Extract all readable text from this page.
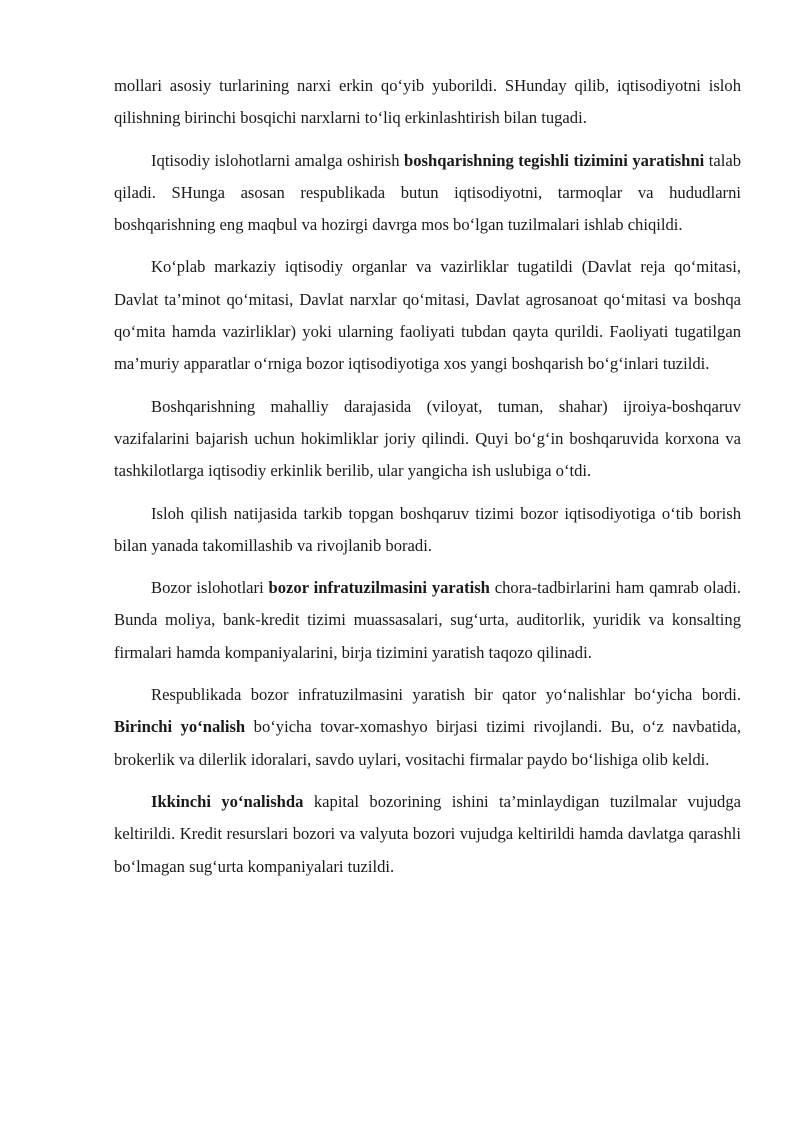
mollari asosiy turlarining narxi erkin qo‘yib yuborildi. SHunday qilib, iqtisodiyotni isloh qilishning birinchi bosqichi narxlarni to‘liq erkinlashtirish bilan tugadi.

Iqtisodiy islohotlarni amalga oshirish boshqarishning tegishli tizimini yaratishni talab qiladi. SHunga asosan respublikada butun iqtisodiyotni, tarmoqlar va hududlarni boshqarishning eng maqbul va hozirgi davrga mos bo‘lgan tuzilmalari ishlab chiqildi.

Ko‘plab markaziy iqtisodiy organlar va vazirliklar tugatildi (Davlat reja qo‘mitasi, Davlat ta’minot qo‘mitasi, Davlat narxlar qo‘mitasi, Davlat agrosanoat qo‘mitasi va boshqa qo‘mita hamda vazirliklar) yoki ularning faoliyati tubdan qayta qurildi. Faoliyati tugatilgan ma’muriy apparatlar o‘rniga bozor iqtisodiyotiga xos yangi boshqarish bo‘g‘inlari tuzildi.

Boshqarishning mahalliy darajasida (viloyat, tuman, shahar) ijroiya-boshqaruv vazifalarini bajarish uchun hokimliklar joriy qilindi. Quyi bo‘g‘in boshqaruvida korxona va tashkilotlarga iqtisodiy erkinlik berilib, ular yangicha ish uslubiga o‘tdi.

Isloh qilish natijasida tarkib topgan boshqaruv tizimi bozor iqtisodiyotiga o‘tib borish bilan yanada takomillashib va rivojlanib boradi.

Bozor islohotlari bozor infratuzilmasini yaratish chora-tadbirlarini ham qamrab oladi. Bunda moliya, bank-kredit tizimi muassasalari, sug‘urta, auditorlik, yuridik va konsalting firmalari hamda kompaniyalarini, birja tizimini yaratish taqozo qilinadi.

Respublikada bozor infratuzilmasini yaratish bir qator yo‘nalishlar bo‘yicha bordi. Birinchi yo‘nalish bo‘yicha tovar-xomashyo birjasi tizimi rivojlandi. Bu, o‘z navbatida, brokerlik va dilerlik idoralari, savdo uylari, vositachi firmalar paydo bo‘lishiga olib keldi.

Ikkinchi yo‘nalishda kapital bozorining ishini ta’minlaydigan tuzilmalar vujudga keltirildi. Kredit resurslari bozori va valyuta bozori vujudga keltirildi hamda davlatga qarashli bo‘lmagan sug‘urta kompaniyalari tuzildi.
